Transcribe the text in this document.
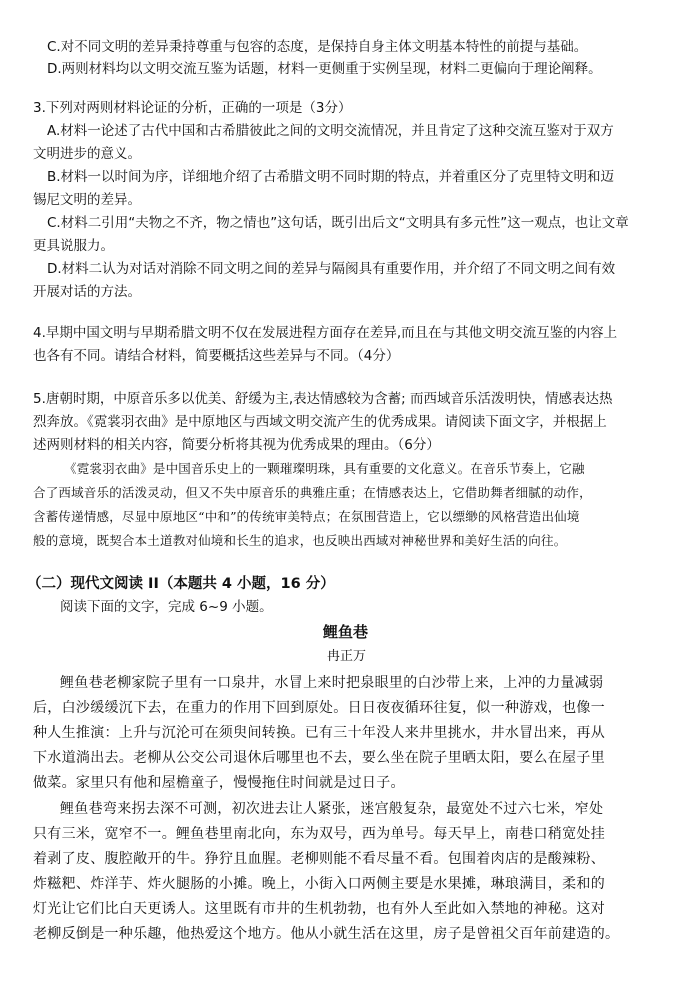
C.对不同文明的差异秉持尊重与包容的态度，是保持自身主体文明基本特性的前提与基础。
D.两则材料均以文明交流互鉴为话题，材料一更侧重于实例呈现，材料二更偏向于理论阐释。
3.下列对两则材料论证的分析，正确的一项是（3分）
A.材料一论述了古代中国和古希腊彼此之间的文明交流情况，并且肯定了这种交流互鉴对于双方
文明进步的意义。
B.材料一以时间为序，详细地介绍了古希腊文明不同时期的特点，并着重区分了克里特文明和迈
锡尼文明的差异。
C.材料二引用“夫物之不齐，物之情也”这句话，既引出后文“文明具有多元性”这一观点，也让文章
更具说服力。
D.材料二认为对话对消除不同文明之间的差异与隔阂具有重要作用，并介绍了不同文明之间有效
开展对话的方法。
4.早期中国文明与早期希腊文明不仅在发展进程方面存在差异,而且在与其他文明交流互鉴的内容上
也各有不同。请结合材料，简要概括这些差异与不同。（4分）
5.唐朝时期，中原音乐多以优美、舒缓为主,表达情感较为含蓄; 而西域音乐活泼明快，情感表达热
烈奔放。《霓裳羽衣曲》是中原地区与西域文明交流产生的优秀成果。请阅读下面文字，并根据上
述两则材料的相关内容，简要分析将其视为优秀成果的理由。（6分）
《霓裳羽衣曲》是中国音乐史上的一颗璀璨明珠，具有重要的文化意义。在音乐节奏上，它融
合了西域音乐的活泼灵动，但又不失中原音乐的典雅庄重；在情感表达上，它借助舞者细腻的动作，
含蓄传递情感，尽显中原地区“中和”的传统审美特点；在氛围营造上，它以缥缈的风格营造出仙境
般的意境，既契合本土道教对仙境和长生的追求，也反映出西域对神秘世界和美好生活的向往。
（二）现代文阅读 II（本题共 4 小题，16 分）
阅读下面的文字，完成 6~9 小题。
鲤鱼巷
冉正万
鲤鱼巷老柳家院子里有一口泉井，水冒上来时把泉眼里的白沙带上来，上冲的力量减弱
后，白沙缓缓沉下去，在重力的作用下回到原处。日日夜夜循环往复，似一种游戏，也像一
种人生推演：上升与沉沦可在须臾间转换。已有三十年没人来井里挑水，井水冒出来，再从
下水道淌出去。老柳从公交公司退休后哪里也不去，要么坐在院子里晒太阳，要么在屋子里
做菜。家里只有他和屋檐童子，慢慢拖住时间就是过日子。
鲤鱼巷弯来拐去深不可测，初次进去让人紧张，迷宫般复杂，最宽处不过六七米，窄处
只有三米，宽窄不一。鲤鱼巷里南北向，东为双号，西为单号。每天早上，南巷口稍宽处挂
着剥了皮、腹腔敞开的牛。狰狞且血腥。老柳则能不看尽量不看。包围着肉店的是酸辣粉、
炸糍粑、炸洋芋、炸火腿肠的小摊。晚上，小街入口两侧主要是水果摊，琳琅满目，柔和的
灯光让它们比白天更诱人。这里既有市井的生机勃勃，也有外人至此如入禁地的神秘。这对
老柳反倒是一种乐趣，他热爱这个地方。他从小就生活在这里，房子是曾祖父百年前建造的。
